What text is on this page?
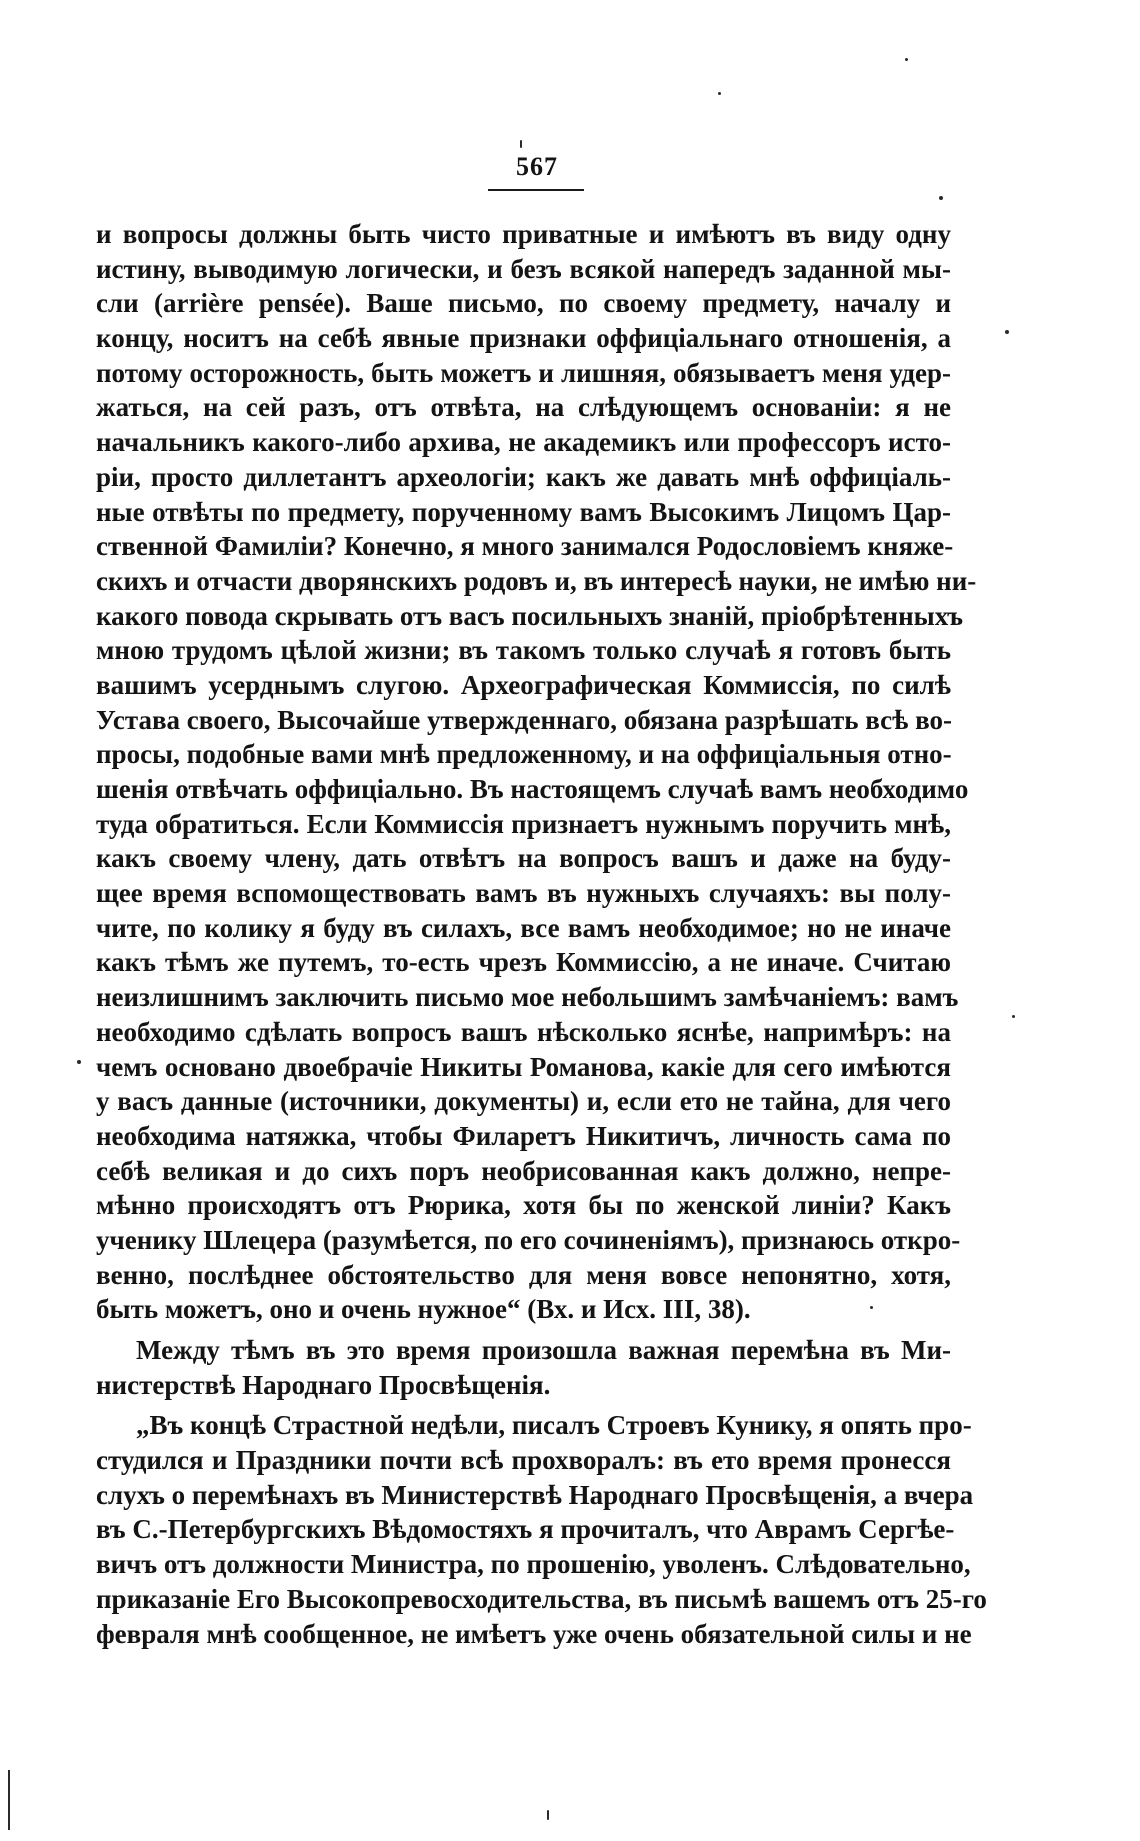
567
и вопросы должны быть чисто приватные и имѣютъ въ виду одну
истину, выводимую логически, и безъ всякой напередъ заданной мы-
сли (arrière pensée). Ваше письмо, по своему предмету, началу и
концу, носитъ на себѣ явные признаки оффиціальнаго отношенія, а
потому осторожность, быть можетъ и лишняя, обязываетъ меня удер-
жаться, на сей разъ, отъ отвѣта, на слѣдующемъ основаніи: я не
начальникъ какого-либо архива, не академикъ или профессоръ исто-
ріи, просто диллетантъ археологіи; какъ же давать мнѣ оффиціаль-
ные отвѣты по предмету, порученному вамъ Высокимъ Лицомъ Цар-
ственной Фамиліи? Конечно, я много занимался Родословіемъ княже-
скихъ и отчасти дворянскихъ родовъ и, въ интересѣ науки, не имѣю ни-
какого повода скрывать отъ васъ посильныхъ знаній, пріобрѣтенныхъ
мною трудомъ цѣлой жизни; въ такомъ только случаѣ я готовъ быть
вашимъ усерднымъ слугою. Археографическая Коммиссія, по силѣ
Устава своего, Высочайше утвержденнаго, обязана разрѣшать всѣ во-
просы, подобные вами мнѣ предложенному, и на оффиціальныя отно-
шенія отвѣчать оффиціально. Въ настоящемъ случаѣ вамъ необходимо
туда обратиться. Если Коммиссія признаетъ нужнымъ поручить мнѣ,
какъ своему члену, дать отвѣтъ на вопросъ вашъ и даже на буду-
щее время вспомоществовать вамъ въ нужныхъ случаяхъ: вы полу-
чите, по колику я буду въ силахъ, все вамъ необходимое; но не иначе
какъ тѣмъ же путемъ, то-есть чрезъ Коммиссію, а не иначе. Считаю
неизлишнимъ заключить письмо мое небольшимъ замѣчаніемъ: вамъ
необходимо сдѣлать вопросъ вашъ нѣсколько яснѣе, напримѣръ: на
чемъ основано двоебрачіе Никиты Романова, какіе для сего имѣются
у васъ данные (источники, документы) и, если ето не тайна, для чего
необходима натяжка, чтобы Филаретъ Никитичъ, личность сама по
себѣ великая и до сихъ поръ необрисованная какъ должно, непре-
мѣнно происходятъ отъ Рюрика, хотя бы по женской линіи? Какъ
ученику Шлецера (разумѣется, по его сочиненіямъ), признаюсь откро-
венно, послѣднее обстоятельство для меня вовсе непонятно, хотя,
быть можетъ, оно и очень нужное“ (Вх. и Исх. III, 38).
Между тѣмъ въ это время произошла важная перемѣна въ Ми-
нистерствѣ Народнаго Просвѣщенія.
„Въ концѣ Страстной недѣли, писалъ Строевъ Кунику, я опять про-
студился и Праздники почти всѣ прохворалъ: въ ето время пронесся
слухъ о перемѣнахъ въ Министерствѣ Народнаго Просвѣщенія, а вчера
въ С.-Петербургскихъ Вѣдомостяхъ я прочиталъ, что Аврамъ Сергѣе-
вичъ отъ должности Министра, по прошенію, уволенъ. Слѣдовательно,
приказаніе Его Высокопревосходительства, въ письмѣ вашемъ отъ 25-го
февраля мнѣ сообщенное, не имѣетъ уже очень обязательной силы и не
